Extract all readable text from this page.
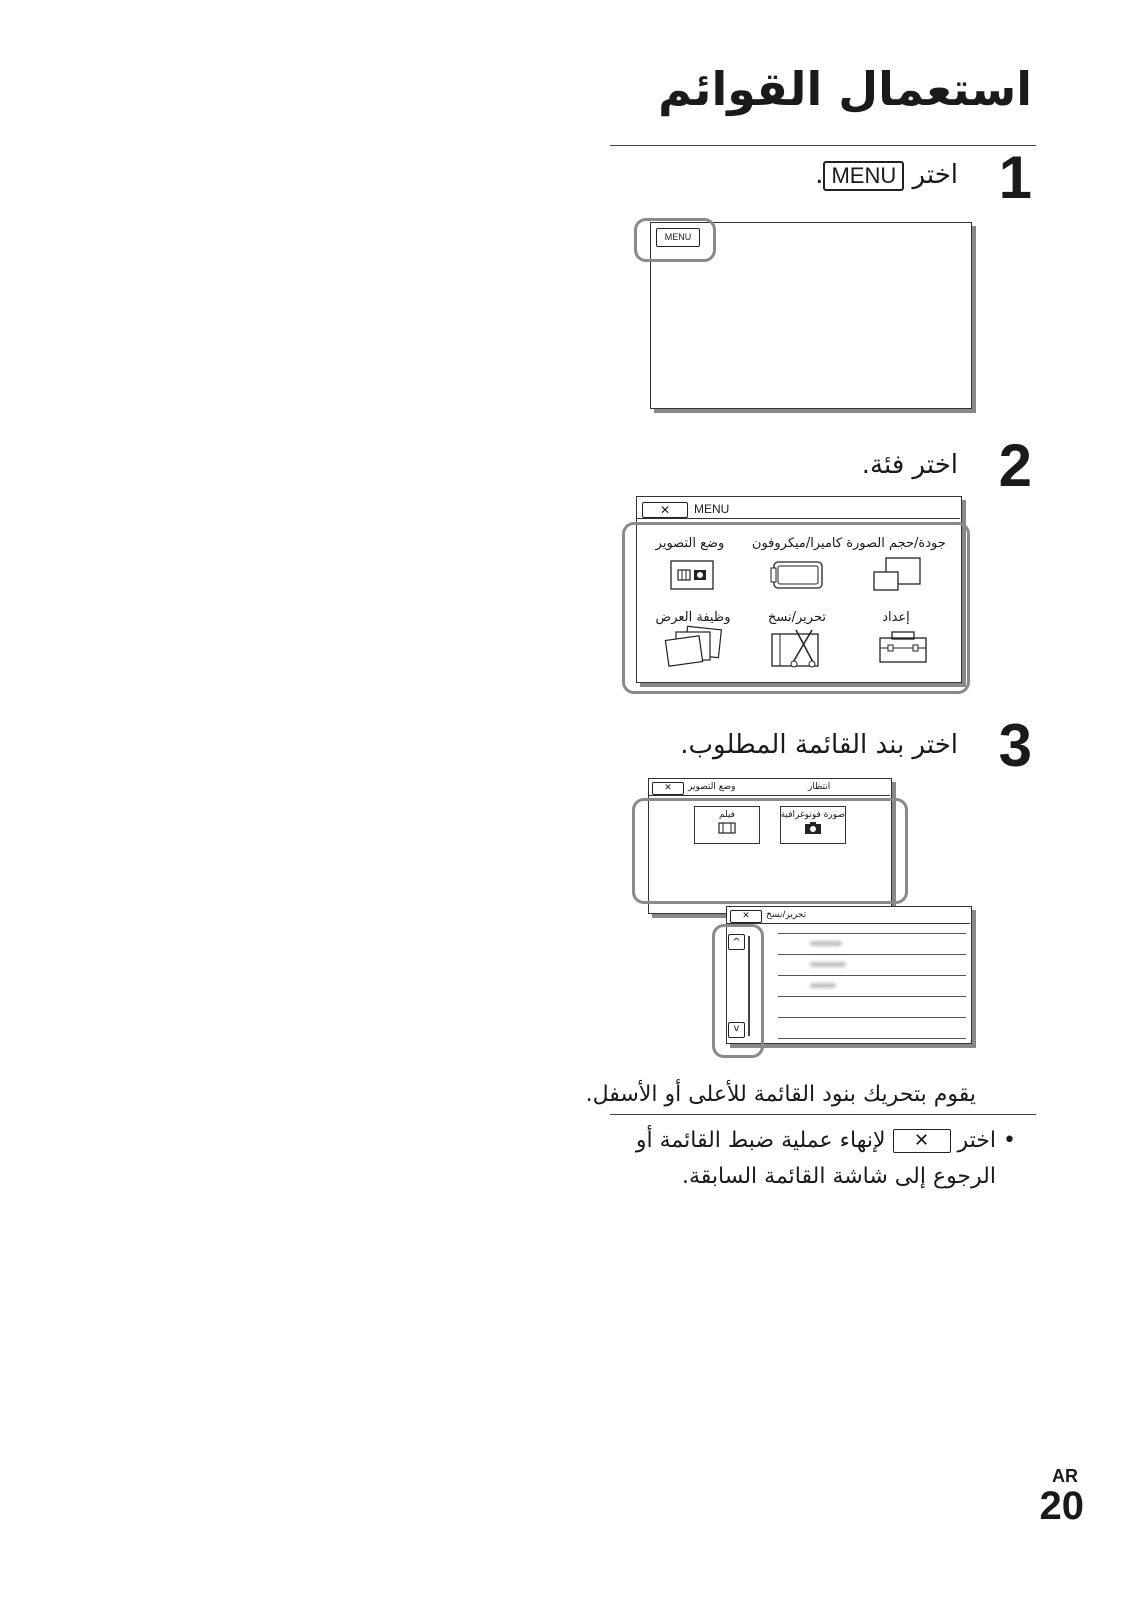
استعمال القوائم
1
اختر MENU.
MENU
2
اختر فئة.
✕	MENU
جودة/حجم الصورة
كاميرا/ميكروفون
وضع التصوير
إعداد
تحرير/نسخ
وظيفة العرض
3
اختر بند القائمة المطلوب.
✕	وضع التصوير	انتظار
صورة فوتوغرافية
فيلم
✕	تحرير/نسخ
^
v
يقوم بتحريك بنود القائمة للأعلى أو الأسفل.
• اختر ✕ لإنهاء عملية ضبط القائمة أو
الرجوع إلى شاشة القائمة السابقة.
AR
20
